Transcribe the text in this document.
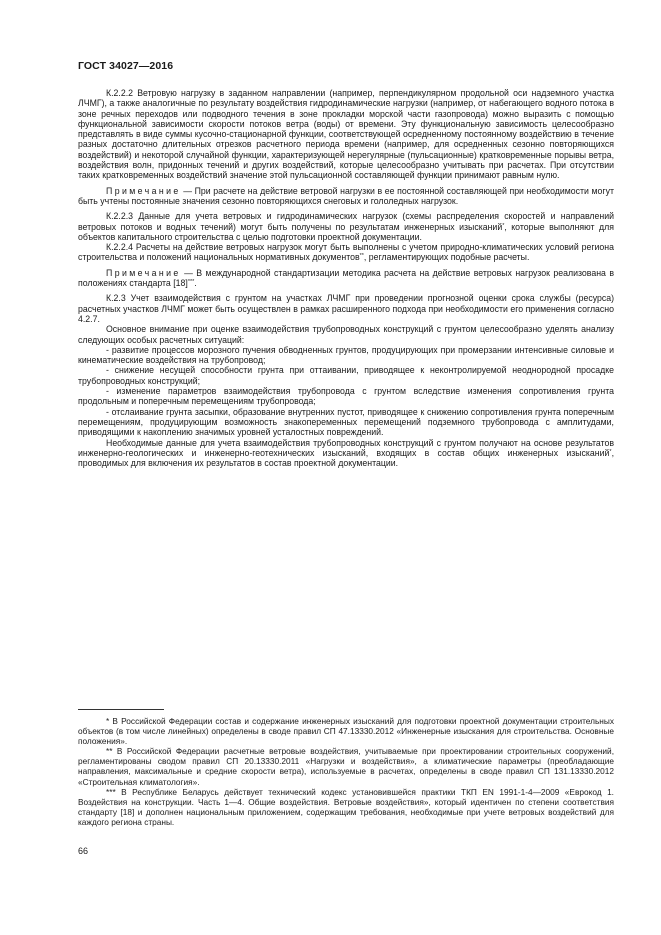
ГОСТ 34027—2016

К.2.2.2 Ветровую нагрузку в заданном направлении (например, перпендикулярном продольной оси надземного участка ЛЧМГ), а также аналогичные по результату воздействия гидродинамические нагрузки (например, от набегающего водного потока в зоне речных переходов или подводного течения в зоне прокладки морской части газопровода) можно выразить с помощью функциональной зависимости скорости потоков ветра (воды) от времени. Эту функциональную зависимость целесообразно представлять в виде суммы кусочно-стационарной функции, соответствующей осредненному постоянному воздействию в течение разных достаточно длительных отрезков расчетного периода времени (например, для осредненных сезонно повторяющихся воздействий) и некоторой случайной функции, характеризующей нерегулярные (пульсационные) кратковременные порывы ветра, воздействия волн, придонных течений и других воздействий, которые целесообразно учитывать при расчетах. При отсутствии таких кратковременных воздействий значение этой пульсационной составляющей функции принимают равным нулю.

Примечание — При расчете на действие ветровой нагрузки в ее постоянной составляющей при необходимости могут быть учтены постоянные значения сезонно повторяющихся снеговых и гололедных нагрузок.

К.2.2.3 Данные для учета ветровых и гидродинамических нагрузок (схемы распределения скоростей и направлений ветровых потоков и водных течений) могут быть получены по результатам инженерных изысканий*, которые выполняют для объектов капитального строительства с целью подготовки проектной документации.

К.2.2.4 Расчеты на действие ветровых нагрузок могут быть выполнены с учетом природно-климатических условий региона строительства и положений национальных нормативных документов**, регламентирующих подобные расчеты.

Примечание — В международной стандартизации методика расчета на действие ветровых нагрузок реализована в положениях стандарта [18]***.

К.2.3 Учет взаимодействия с грунтом на участках ЛЧМГ при проведении прогнозной оценки срока службы (ресурса) расчетных участков ЛЧМГ может быть осуществлен в рамках расширенного подхода при необходимости его применения согласно 4.2.7.

Основное внимание при оценке взаимодействия трубопроводных конструкций с грунтом целесообразно уделять анализу следующих особых расчетных ситуаций:

- развитие процессов морозного пучения обводненных грунтов, продуцирующих при промерзании интенсивные силовые и кинематические воздействия на трубопровод;

- снижение несущей способности грунта при оттаивании, приводящее к неконтролируемой неоднородной просадке трубопроводных конструкций;

- изменение параметров взаимодействия трубопровода с грунтом вследствие изменения сопротивления грунта продольным и поперечным перемещениям трубопровода;

- отслаивание грунта засыпки, образование внутренних пустот, приводящее к снижению сопротивления грунта поперечным перемещениям, продуцирующим возможность знакопеременных перемещений подземного трубопровода с амплитудами, приводящими к накоплению значимых уровней усталостных повреждений.

Необходимые данные для учета взаимодействия трубопроводных конструкций с грунтом получают на основе результатов инженерно-геологических и инженерно-геотехнических изысканий, входящих в состав общих инженерных изысканий*, проводимых для включения их результатов в состав проектной документации.

* В Российской Федерации состав и содержание инженерных изысканий для подготовки проектной документации строительных объектов (в том числе линейных) определены в своде правил СП 47.13330.2012 «Инженерные изыскания для строительства. Основные положения».

** В Российской Федерации расчетные ветровые воздействия, учитываемые при проектировании строительных сооружений, регламентированы сводом правил СП 20.13330.2011 «Нагрузки и воздействия», а климатические параметры (преобладающие направления, максимальные и средние скорости ветра), используемые в расчетах, определены в своде правил СП 131.13330.2012 «Строительная климатология».

*** В Республике Беларусь действует технический кодекс установившейся практики ТКП EN 1991-1-4—2009 «Еврокод 1. Воздействия на конструкции. Часть 1—4. Общие воздействия. Ветровые воздействия», который идентичен по степени соответствия стандарту [18] и дополнен национальным приложением, содержащим требования, необходимые при учете ветровых воздействий для каждого региона страны.

66
